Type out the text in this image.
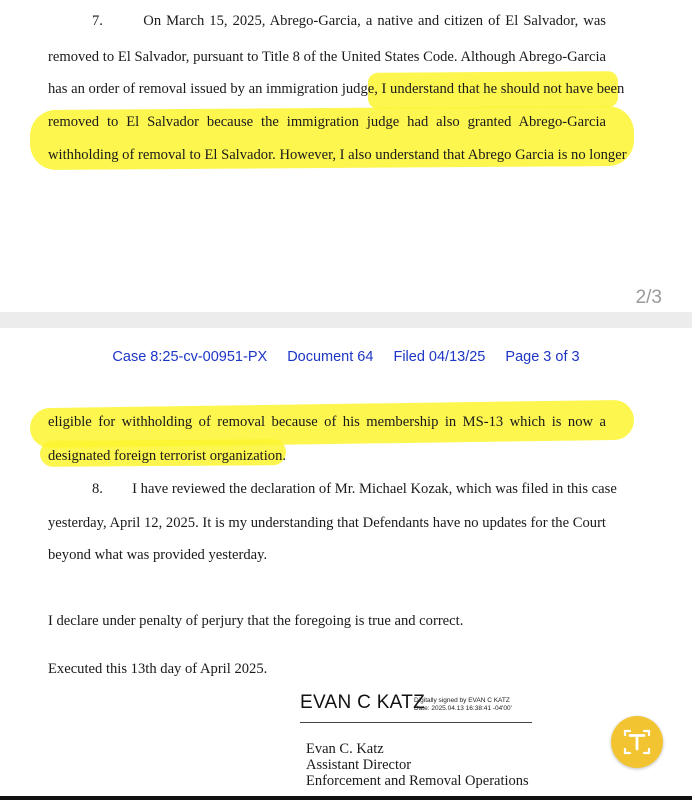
7.        On March 15, 2025, Abrego-Garcia, a native and citizen of El Salvador, was
removed to El Salvador, pursuant to Title 8 of the United States Code. Although Abrego-Garcia
has an order of removal issued by an immigration judge, I understand that he should not have been
removed to El Salvador because the immigration judge had also granted Abrego-Garcia
withholding of removal to El Salvador. However, I also understand that Abrego Garcia is no longer
2/3
Case 8:25-cv-00951-PX Document 64 Filed 04/13/25 Page 3 of 3
eligible for withholding of removal because of his membership in MS-13 which is now a
designated foreign terrorist organization.
8.        I have reviewed the declaration of Mr. Michael Kozak, which was filed in this case
yesterday, April 12, 2025. It is my understanding that Defendants have no updates for the Court
beyond what was provided yesterday.
I declare under penalty of perjury that the foregoing is true and correct.
Executed this 13th day of April 2025.
EVAN C KATZ
Digitally signed by EVAN C KATZ
Date: 2025.04.13 16:38:41 -04'00'
Evan C. Katz
Assistant Director
Enforcement and Removal Operations
